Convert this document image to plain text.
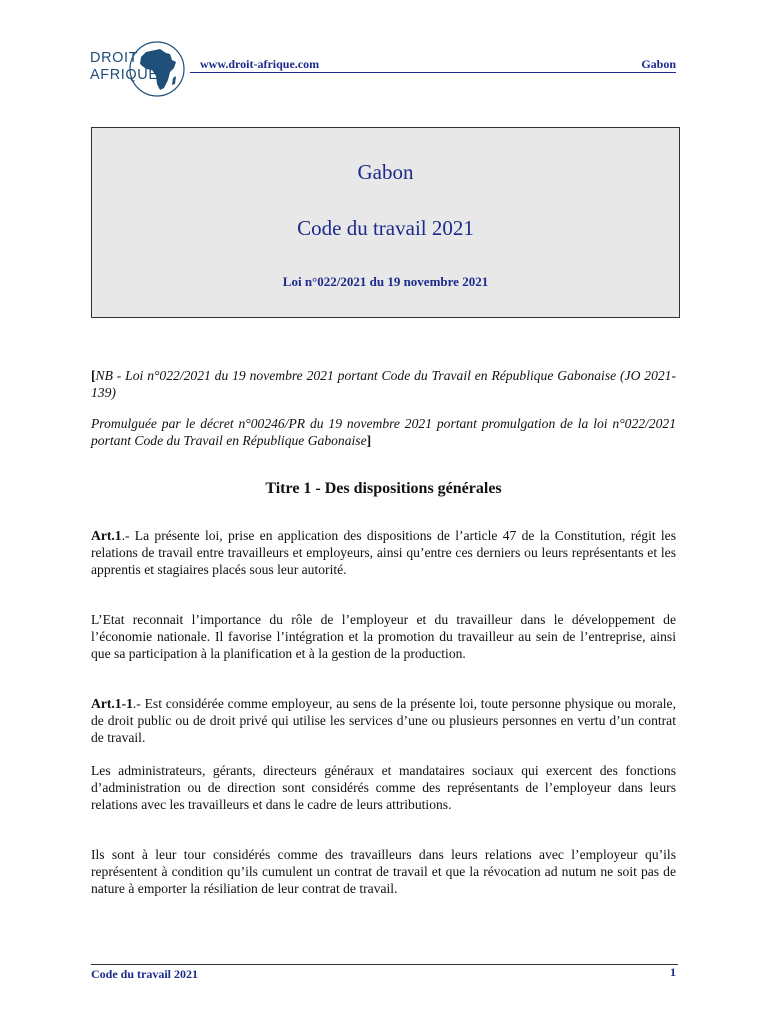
DROIT
AFRIQUE
www.droit-afrique.com	Gabon
Gabon
Code du travail 2021
Loi n°022/2021 du 19 novembre 2021

[NB - Loi n°022/2021 du 19 novembre 2021 portant Code du Travail en République Gabonaise (JO 2021-139)

Promulguée par le décret n°00246/PR du 19 novembre 2021 portant promulgation de la loi n°022/2021 portant Code du Travail en République Gabonaise]

Titre 1 - Des dispositions générales

Art.1.- La présente loi, prise en application des dispositions de l’article 47 de la Constitution, régit les relations de travail entre travailleurs et employeurs, ainsi qu’entre ces derniers ou leurs représentants et les apprentis et stagiaires placés sous leur autorité.

L’Etat reconnait l’importance du rôle de l’employeur et du travailleur dans le développement de l’économie nationale. Il favorise l’intégration et la promotion du travailleur au sein de l’entreprise, ainsi que sa participation à la planification et à la gestion de la production.

Art.1-1.- Est considérée comme employeur, au sens de la présente loi, toute personne physique ou morale, de droit public ou de droit privé qui utilise les services d’une ou plusieurs personnes en vertu d’un contrat de travail.

Les administrateurs, gérants, directeurs généraux et mandataires sociaux qui exercent des fonctions d’administration ou de direction sont considérés comme des représentants de l’employeur dans leurs relations avec les travailleurs et dans le cadre de leurs attributions.

Ils sont à leur tour considérés comme des travailleurs dans leurs relations avec l’employeur qu’ils représentent à condition qu’ils cumulent un contrat de travail et que la révocation ad nutum ne soit pas de nature à emporter la résiliation de leur contrat de travail.

Code du travail 2021	1
